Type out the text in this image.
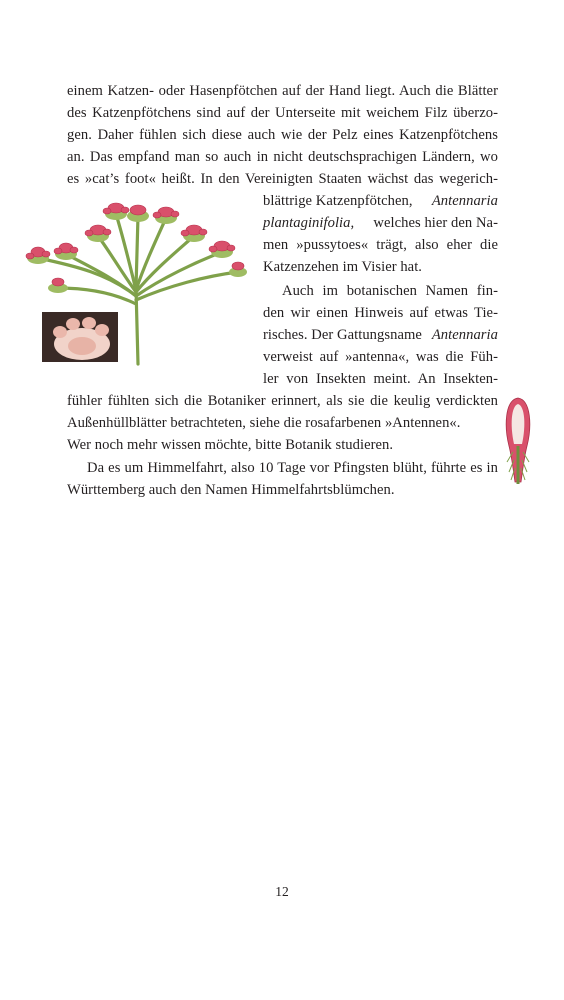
einem Katzen- oder Hasenpfötchen auf der Hand liegt. Auch die Blätter
des Katzenpfötchens sind auf der Unterseite mit weichem Filz überzo-
gen. Daher fühlen sich diese auch wie der Pelz eines Katzenpfötchens
an. Das empfand man so auch in nicht deutschsprachigen Ländern, wo
es »cat’s foot« heißt. In den Vereinigten Staaten wächst das wegerich-
blättrige Katzenpfötchen, Antennaria
plantaginifolia, welches hier den Na-
men »pussytoes« trägt, also eher die
Katzenzehen im Visier hat.
Auch im botanischen Namen fin-
den wir einen Hinweis auf etwas Tie-
risches. Der Gattungsname Antennaria
verweist auf »antenna«, was die Füh-
ler von Insekten meint. An Insekten-
fühler fühlten sich die Botaniker erinnert, als sie die keulig verdickten
Außenhüllblätter betrachteten, siehe die rosafarbenen »Antennen«.
Wer noch mehr wissen möchte, bitte Botanik studieren.
Da es um Himmelfahrt, also 10 Tage vor Pfingsten blüht, führte es in
Württemberg auch den Namen Himmelfahrtsblümchen.
12
